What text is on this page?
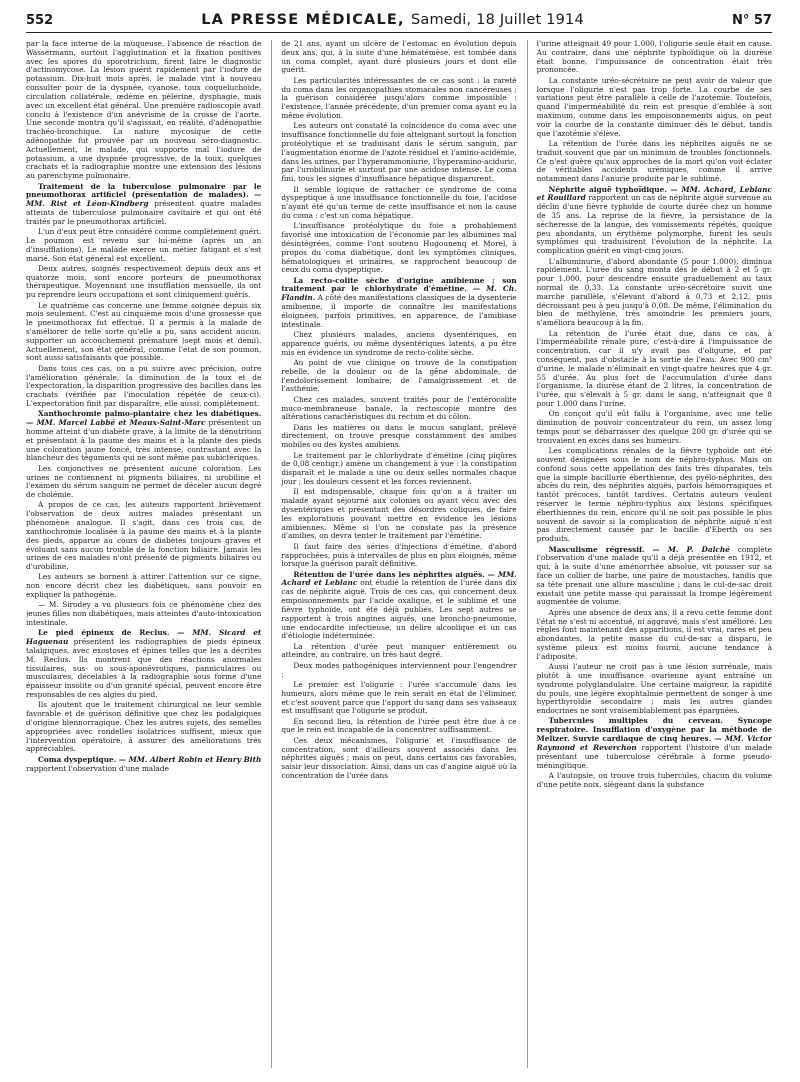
552	LA PRESSE MÉDICALE, Samedi, 18 Juillet 1914	N° 57

par la face interne de la muqueuse, l'absence de réaction de Wassermann, surtout l'agglutination et la fixation positives avec les spores du sporotrichum, firent faire le diagnostic d'actinomycose. La lésion guérit rapidement par l'iodure de potassium. Dix-huit mois après, le malade vint à nouveau consulter pour de la dyspnée, cyanose, toux coqueluchoïde, circulation collatérale, œdème en pèlerine, dysphagie, mais avec un excellent état général. Une première radioscopie avait conclu à l'existence d'un anévrisme de la crosse de l'aorte. Une seconde montra qu'il s'agissait, en réalité, d'adénopathie trachéo-bronchique. La nature mycosique de cette adénopathie fut prouvée par un nouveau séro-diagnostic. Actuellement, le malade, qui supporte mal l'iodure de potassium, a une dyspnée progressive, de la toux, quelques crachats et la radiographie montre une extension des lésions au parenchyme pulmonaire.

Traitement de la tuberculose pulmonaire par le pneumothorax artificiel (présentation de malades). — MM. Rist et Léon-Kindberg présentent quatre malades atteints de tuberculose pulmonaire cavitaire et qui ont été traités par le pneumothorax artificiel.

L'un d'eux peut être considéré comme complètement guéri. Le poumon est revenu sur lui-même (après un an d'insufflations). Le malade exerce un métier fatigant et s'est marié. Son état général est excellent.

Deux autres, soignés respectivement depuis deux ans et quatorze mois, sont encore porteurs de pneumothorax thérapeutique. Moyennant une insufflation mensuelle, ils ont pu reprendre leurs occupations et sont cliniquement guéris.

Le quatrième cas concerne une femme soignée depuis six mois seulement. C'est au cinquième mois d'une grossesse que le pneumothorax fut effectué. Il a permis à la malade de s'améliorer de telle sorte qu'elle a pu, sans accident aucun, supporter un accouchement prématuré (sept mois et demi). Actuellement, son état général, comme l'état de son poumon, sont aussi satisfaisants que possible.

Dans tous ces cas, on a pu suivre avec précision, outre l'amélioration générale, la diminution de la toux et de l'expectoration, la disparition progressive des bacilles dans les crachats (vérifiée par l'inoculation répétée de ceux-ci). L'expectoration finit par disparaître, elle aussi, complètement.

Xanthochromie palmo-plantaire chez les diabétiques. — MM. Marcel Labbé et Meaux-Saint-Marc présentent un homme atteint d'un diabète grave, à la limite de la dénutrition et présentant à la paume des mains et à la plante des pieds une coloration jaune foncé, très intense, contrastant avec la blancheur des téguments qui ne sont même pas subictériques.

Les conjonctives ne présentent aucune coloration. Les urines ne contiennent ni pigments biliaires, ni urobiline et l'examen du sérum sanguin ne permet de déceler aucun degré de cholémie.

A propos de ce cas, les auteurs rapportent brièvement l'observation de deux autres malades présentant un phénomène analogue. Il s'agit, dans ces trois cas, de xanthochromie localisée à la paume des mains et à la plante des pieds, apparue au cours de diabètes toujours graves et évoluant sans aucun trouble de la fonction biliaire. Jamais les urines de ces malades n'ont présenté de pigments biliaires ou d'urobiline.

Les auteurs se bornent à attirer l'attention sur ce signe, non encore décrit chez les diabétiques, sans pouvoir en expliquer la pathogénie.

— M. Sirodey a vu plusieurs fois ce phénomène chez des jeunes filles non diabétiques, mais atteintes d'auto-intoxication intestinale.

Le pied épineux de Reclus. — MM. Sicard et Haguenau présentent les radiographies de pieds épineux talalgiques, avec exostoses et épines telles que les a décrites M. Reclus. Ils montrent que des réactions anormales tissulaires, sus- ou sous-aponévrotiques, panniculaires ou musculaires, décelables à la radiographie sous forme d'une épaisseur insolite ou d'un granité spécial, peuvent encore être responsables de ces algies du pied.

Ils ajoutent que le traitement chirurgical ne leur semble favorable et de guérison définitive que chez les podalgiques d'origine blennorragique. Chez les autres sujets, des semelles appropriées avec rondelles isolatrices suffisent, mieux que l'intervention opératoire, à assurer des améliorations très appréciables.

Coma dyspeptique. — MM. Albert Robin et Henry Bith rapportent l'observation d'une malade

de 21 ans, ayant un ulcère de l'estomac en évolution depuis deux ans, qui, à la suite d'une hématémèse, est tombée dans un coma complet, ayant duré plusieurs jours et dont elle guérit.

Les particularités intéressantes de ce cas sont : la rareté du coma dans les organopathies stomacales non cancéreuses ; la guérison considérée jusqu'alors comme impossible : l'existence, l'année précédente, d'un premier coma ayant eu la même évolution.

Les auteurs ont constaté la coïncidence du coma avec une insuffisance fonctionnelle du foie atteignant surtout la fonction protéolytique et se traduisant dans le sérum sanguin, par l'augmentation énorme de l'azote résiduel et l'amino-acidémie, dans les urines, par l'hyperammoniurie, l'hyperamino-aciduric, par l'urobilinurie et surtout par une acidose intense. Le coma fini, tous les signes d'insuffisance hépatique disparurent.

Il semble logique de rattacher ce syndrome de coma dyspeptique à une insuffisance fonctionnelle du foie, l'acidose n'ayant été qu'un terme de cette insuffisance et non la cause du coma : c'est un coma hépatique.

L'insuffisance protéolytique du foie a probablement favorisé une intoxication de l'économie par les albumines mal désintégrées, comme l'ont soutenu Hugounenq et Morel, à propos du coma diabétique, dont les symptômes cliniques, hématologiques et urinaires, se rapprochent beaucoup de ceux du coma dyspeptique.

La recto-colite sèche d'origine amibienne ; son traitement par le chlorhydrate d'émétine. — M. Ch. Flandin. A côté des manifestations classiques de la dysenterie amibienne, il importe de connaître les manifestations éloignées, parfois primitives, en apparence, de l'amibiase intestinale.

Chez plusieurs malades, anciens dysentériques, en apparence guéris, ou même dysentériques latents, a pu être mis en évidence un syndrome de recto-colite sèche.

Au point de vue clinique on trouve de la constipation rebelle, de la douleur ou de la gêne abdominale, de l'endolorissement lombaire, de l'amaigrissement et de l'asthénie.

Chez ces malades, souvent traités pour de l'entérocolite muco-membraneuse banale, la rectoscopie montre des altérations caractéristiques du rectum et du côlon.

Dans les matières ou dans le mucus sanglant, prélevé directement, on trouve presque constamment des amibes mobiles ou des kystes amibiens.

Le traitement par le chlorhydrate d'émétine (cinq piqûres de 0,08 centigr.) amène un changement à vue : la constipation disparaît et le malade a une ou deux selles normales chaque jour ; les douleurs cessent et les forces reviennent.

Il est indispensable, chaque fois qu'on a à traiter un malade ayant séjourné aux colonies ou ayant vécu avec des dysentériques et présentant des désordres coliques, de faire les explorations pouvant mettre en évidence les lésions amibiennes. Même si l'on ne constate pas la présence d'amibes, on devra tenter le traitement par l'émétine.

Il faut faire des séries d'injections d'émétine, d'abord rapprochées, puis à intervalles de plus en plus éloignés, même lorsque la guérison paraît définitive.

Rétention de l'urée dans les néphrites aiguës. — MM. Achard et Leblanc ont étudié la rétention de l'urée dans dix cas de néphrite aiguë. Trois de ces cas, qui concernent deux empoisonnements par l'acide oxalique, et le sublimé et une fièvre typhoïde, ont été déjà publiés. Les sept autres se rapportent à trois angines aiguës, une broncho-pneumonie, une endocardite infectieuse, un délire alcoolique et un cas d'étiologie indéterminée.

La rétention d'urée peut manquer entièrement ou atteindre, au contraire, un très haut degré.

Deux modes pathogéniques interviennent pour l'engendrer :

Le premier est l'oligurie : l'urée s'accumule dans les humeurs, alors même que le rein serait en état de l'éliminer, et c'est souvent parce que l'apport du sang dans ses vaisseaux est insuffisant que l'oligurie se produit.

En second lieu, la rétention de l'urée peut être due à ce que le rein est incapable de la concentrer suffisamment.

Ces deux mécanismes, l'oligurie et l'insuffisance de concentration, sont d'ailleurs souvent associés dans les néphrites aiguës ; mais on peut, dans certains cas favorables, saisir leur dissociation. Ainsi, dans un cas d'angine aiguë où la concentration de l'urée dans

l'urine atteignait 49 pour 1.000, l'oligurie seule était en cause. Au contraire, dans une néphrite typhoïdique où la diurèse était bonne, l'impuissance de concentration était très prononcée.

La constante uréo-sécrétoire ne peut avoir de valeur que lorsque l'oligurie n'est pas trop forte. La courbe de ses variations peut être parallèle à celle de l'azotémie. Toutefois, quand l'imperméabilité du rein est presque d'emblée à son maximum, comme dans les empoisonnements aigus, on peut voir la courbe de la constante diminuer dès le début, tandis que l'azotémie s'élève.

La rétention de l'urée dans les néphrites aiguës ne se traduit souvent que par un minimum de troubles fonctionnels. Ce n'est guère qu'aux approches de la mort qu'on voit éclater de véritables accidents urémiques, comme il arrive notamment dans l'anurie produite par le sublimé.

Néphrite aiguë typhoïdique. — MM. Achard, Leblanc et Rouillard rapportent un cas de néphrite aiguë survenue au déclin d'une fièvre typhoïde de courte durée chez un homme de 35 ans. La reprise de la fièvre, la persistance de la sécheresse de la langue, des vomissements répétés, quoique peu abondants, un érythème polymorphe, furent les seuls symptômes qui traduisirent l'évolution de la néphrite. La complication guérit en vingt-cinq jours.

L'albuminurie, d'abord abondante (5 pour 1.000), diminua rapidement. L'urée du sang monta dès le début à 2 et 5 gr. pour 1.000, pour descendre ensuite graduellement au taux normal de 0,33. La constante uréo-sécrétoire suivit une marche parallèle, s'élevant d'abord à 0,73 et 2,12, puis décroissant peu à peu jusqu'à 0,08. De même, l'élimination du bleu de méthylène, très amoindrie les premiers jours, s'améliora beaucoup à la fin.

La rétention de l'urée était due, dans ce cas, à l'imperméabilité rénale pure, c'est-à-dire à l'impuissance de concentration, car il n'y avait pas d'oligurie, et par conséquent, pas d'obstacle à la sortie de l'eau. Avec 900 cm³ d'urine, le malade n'éliminait en vingt-quatre heures que 4 gr. 55 d'urée. Au plus fort de l'accumulation d'urée dans l'organisme, la diurèse étant de 2 litres, la concentration de l'urée, qui s'élevait à 5 gr. dans le sang, n'atteignait que 8 pour 1.000 dans l'urine.

On conçoit qu'il eût fallu à l'organisme, avec une telle diminution de pouvoir concentrateur du rein, un assez long temps pour se débarrasser des quelque 200 gr. d'urée qui se trouvaient en excès dans ses humeurs.

Les complications rénales de la fièvre typhoïde ont été souvent désignées sous le nom de néphro-typhus. Mais on confond sous cette appellation des faits très disparates, tels que la simple bacillurie éberthienne, des pyélo-néphrites, des abcès du rein, des néphrites aiguës, parfois hémorragiques et tantôt précoces, tantôt tardives. Certains auteurs veulent réserver le terme néphro-typhus aux lésions spécifiques éberthiennes du rein, encore qu'il ne soit pas possible le plus souvent de savoir si la complication de néphrite aiguë n'est pas directement causée par le bacille d'Eberth ou ses produits.

Masculisme régressif. — M. P. Dalché complète l'observation d'une malade qu'il a déjà présentée en 1912, et qui, à la suite d'une aménorrhée absolue, vit pousser sur sa face un collier de barbe, une paire de moustaches, tandis que sa tête prenait une allure masculine ; dans le cul-de-sac droit existait une petite masse qui paraissait la trompe légèrement augmentée de volume.

Après une absence de deux ans, il a revu cette femme dont l'état ne s'est ni accentué, ni aggravé, mais s'est amélioré. Les règles font maintenant des apparitions, il est vrai, rares et peu abondantes, la petite masse du cul-de-sac a disparu, le système pileux est moins fourni, aucune tendance à l'adiposité.

Aussi l'auteur ne croit pas à une lésion surrénale, mais plutôt à une insuffisance ovarienne ayant entraîné un syndrome polyglandulaire. Une certaine maigreur, la rapidité du pouls, une légère exophtalmie permettent de songer à une hyperthyroïdie secondaire ; mais les autres glandes endocrines ne sont vraisemblablement pas épargnées.

Tubercules multiples du cerveau. Syncope respiratoire. Insufflation d'oxygène par la méthode de Melizer. Survie cardiaque de cinq heures. — MM. Victor Raymond et Reverchon rapportent l'histoire d'un malade présentant une tuberculose cérébrale à forme pseudo-méningitique.

A l'autopsie, on trouve trois tubercules, chacun du volume d'une petite noix, siégeant dans la substance
